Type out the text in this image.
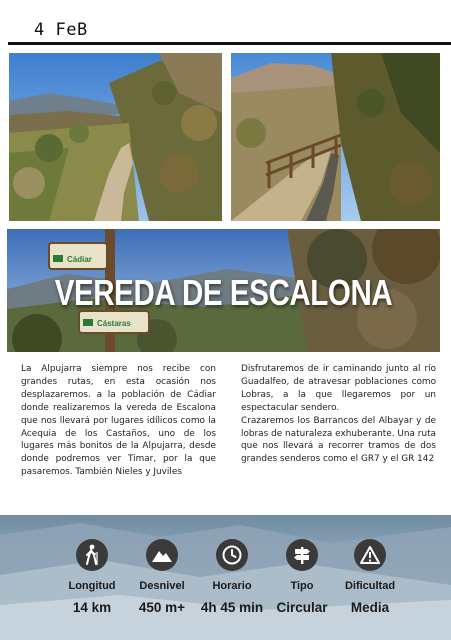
4 FeB
Cádiar
Cástaras
VEREDA DE ESCALONA

La Alpujarra siempre nos recibe con grandes rutas, en esta ocasión nos desplazaremos. a la población de Cádiar donde realizaremos la vereda de Escalona que nos llevará por lugares idílicos como la Acequia de los Castaños, uno de los lugares más bonitos de la Alpujarra, desde donde podremos ver Timar, por la que pasaremos. También Nieles y Juviles

Disfrutaremos de ir caminando junto al río Guadalfeo, de atravesar poblaciones como Lobras, a la que llegaremos por un espectacular sendero.

Crazaremos los Barrancos del Albayar y de lobras de naturaleza exhuberante. Una ruta que nos llevará a recorrer tramos de dos grandes senderos como el GR7 y el GR 142

Longitud
14 km
Desnivel
450 m+
Horario
4h 45 min
Tipo
Circular
Dificultad
Media
